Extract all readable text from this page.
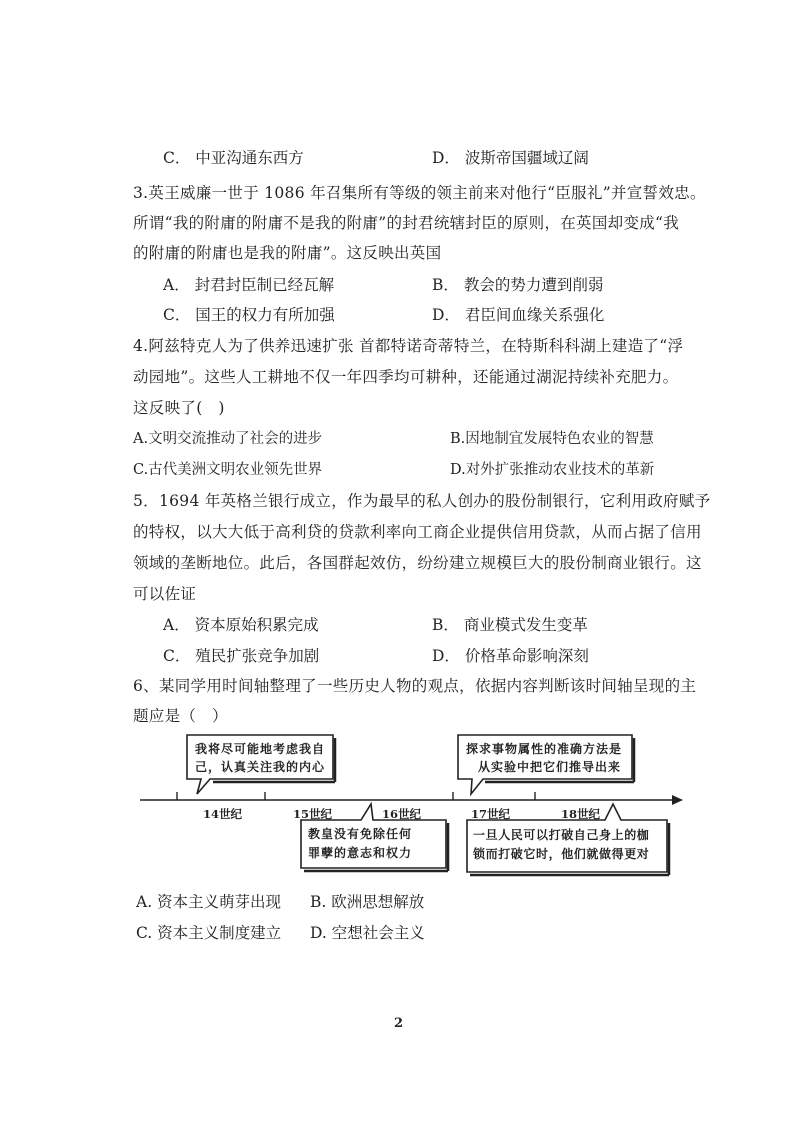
C． 中亚沟通东西方	D． 波斯帝国疆域辽阔
3.英王威廉一世于 1086 年召集所有等级的领主前来对他行“臣服礼”并宣誓效忠。
所谓“我的附庸的附庸不是我的附庸”的封君统辖封臣的原则，在英国却变成“我
的附庸的附庸也是我的附庸”。这反映出英国
A． 封君封臣制已经瓦解	B． 教会的势力遭到削弱
C． 国王的权力有所加强	D． 君臣间血缘关系强化
4.阿兹特克人为了供养迅速扩张 首都特诺奇蒂特兰，在特斯科科湖上建造了“浮
动园地”。这些人工耕地不仅一年四季均可耕种，还能通过湖泥持续补充肥力。
这反映了(　)
A.文明交流推动了社会的进步	B.因地制宜发展特色农业的智慧
C.古代美洲文明农业领先世界	D.对外扩张推动农业技术的革新
5．1694 年英格兰银行成立，作为最早的私人创办的股份制银行，它利用政府赋予
的特权，以大大低于高利贷的贷款利率向工商企业提供信用贷款，从而占据了信用
领域的垄断地位。此后，各国群起效仿，纷纷建立规模巨大的股份制商业银行。这
可以佐证
A． 资本原始积累完成	B． 商业模式发生变革
C． 殖民扩张竞争加剧	D． 价格革命影响深刻
6、某同学用时间轴整理了一些历史人物的观点，依据内容判断该时间轴呈现的主
题应是（　）
我将尽可能地考虑我自
己，认真关注我的内心
探求事物属性的准确方法是
从实验中把它们推导出来
教皇没有免除任何
罪孽的意志和权力
一旦人民可以打破自己身上的枷
锁而打破它时，他们就做得更对
14世纪	15世纪	16世纪	17世纪	18世纪
A. 资本主义萌芽出现 B. 欧洲思想解放
C. 资本主义制度建立 D. 空想社会主义
2
